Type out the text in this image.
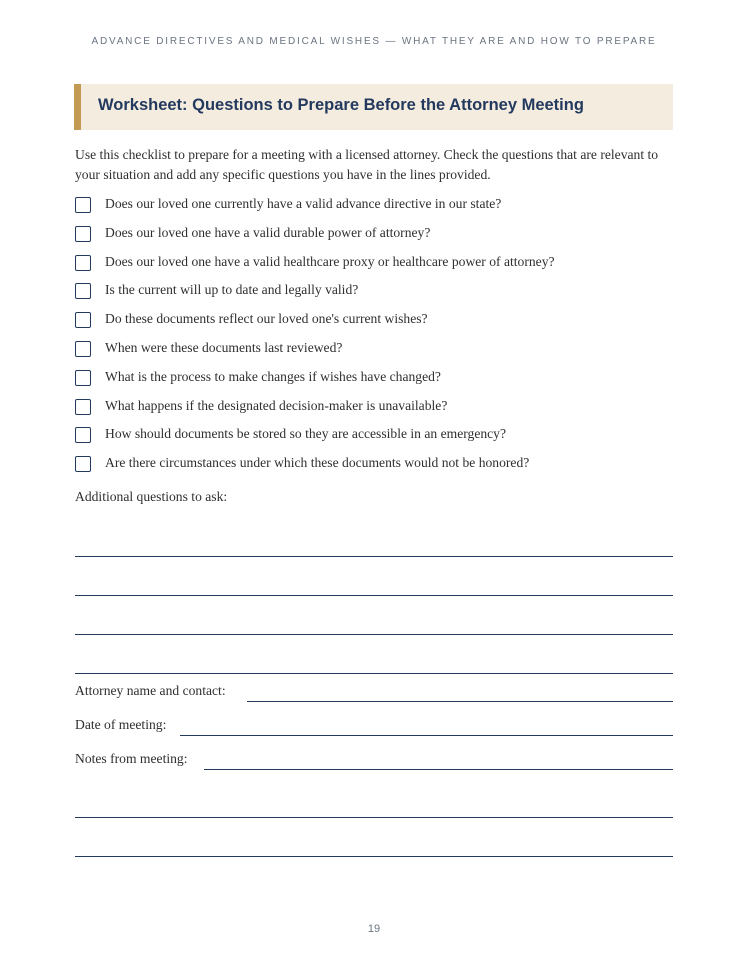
ADVANCE DIRECTIVES AND MEDICAL WISHES — WHAT THEY ARE AND HOW TO PREPARE
Worksheet: Questions to Prepare Before the Attorney Meeting

Use this checklist to prepare for a meeting with a licensed attorney. Check the questions that are relevant to your situation and add any specific questions you have in the lines provided.

Does our loved one currently have a valid advance directive in our state?
Does our loved one have a valid durable power of attorney?
Does our loved one have a valid healthcare proxy or healthcare power of attorney?
Is the current will up to date and legally valid?
Do these documents reflect our loved one's current wishes?
When were these documents last reviewed?
What is the process to make changes if wishes have changed?
What happens if the designated decision-maker is unavailable?
How should documents be stored so they are accessible in an emergency?
Are there circumstances under which these documents would not be honored?
Additional questions to ask:
Attorney name and contact:
Date of meeting:
Notes from meeting:
19
